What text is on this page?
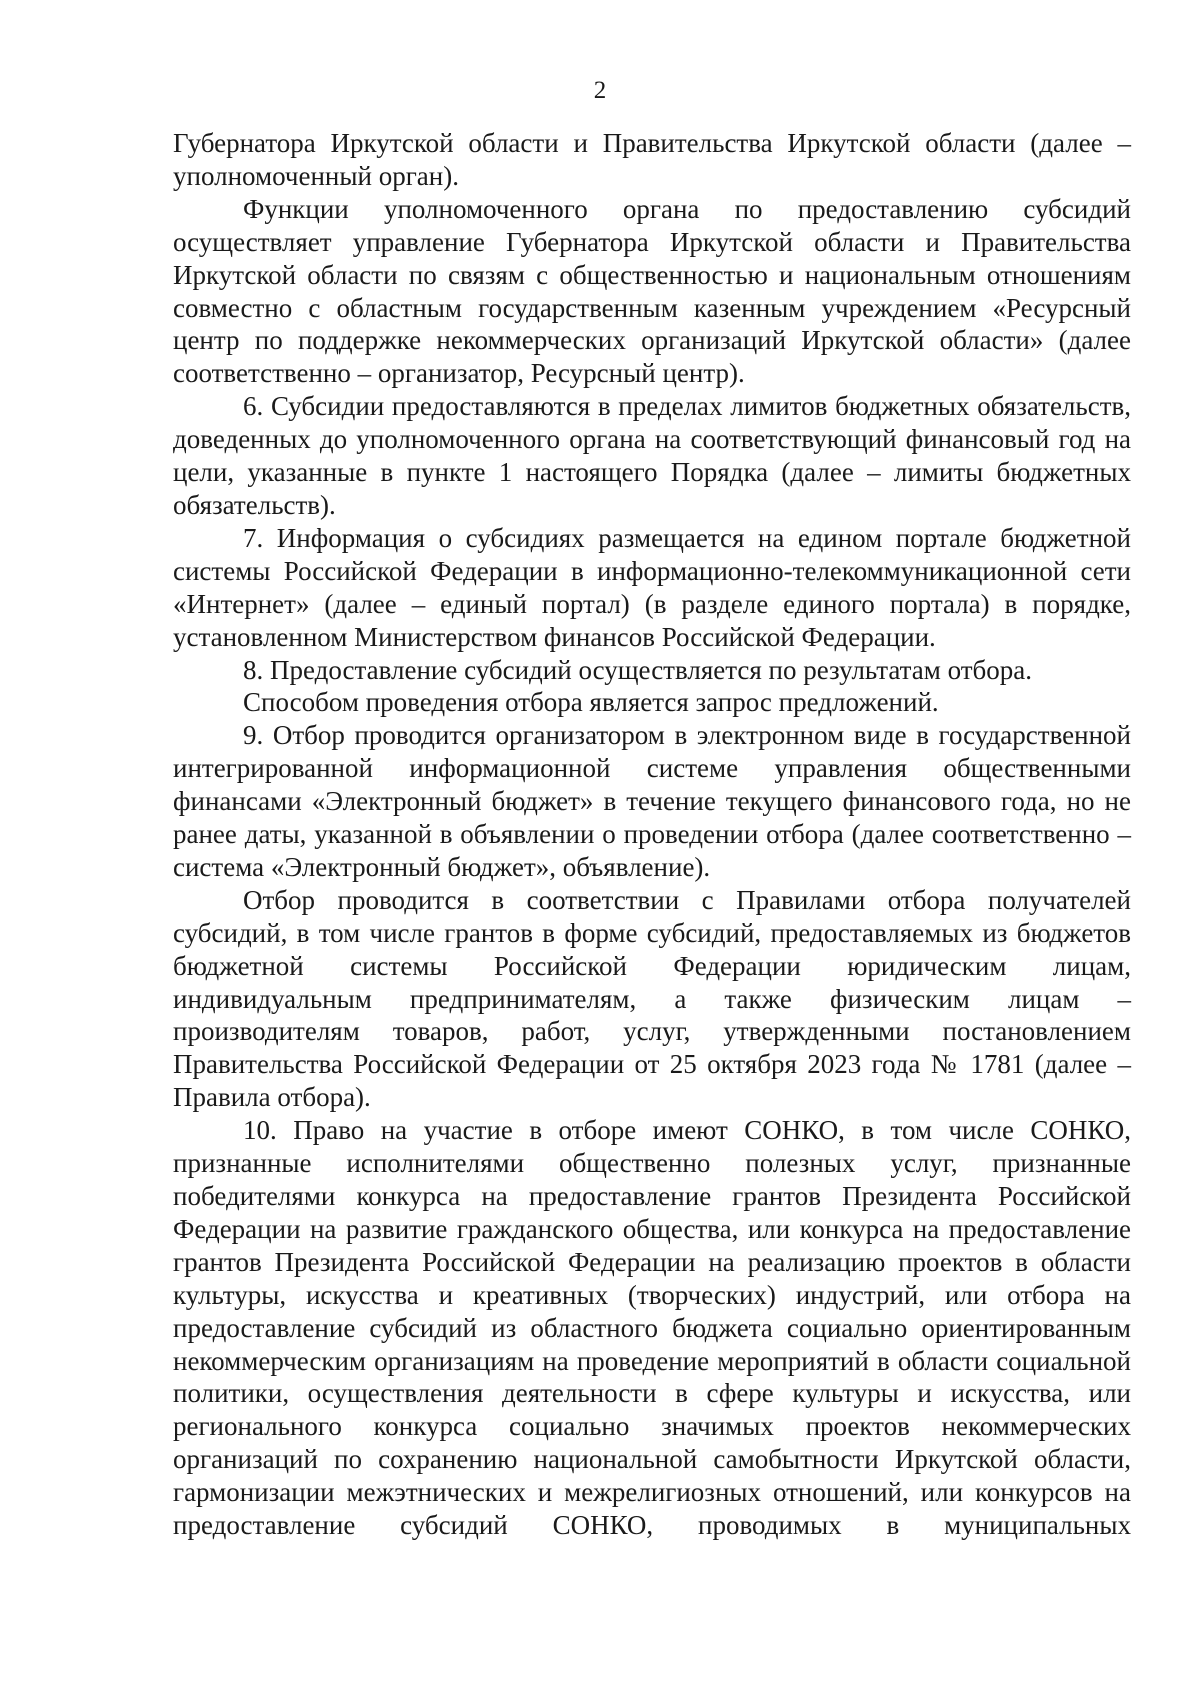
2

Губернатора Иркутской области и Правительства Иркутской области (далее – уполномоченный орган).

Функции уполномоченного органа по предоставлению субсидий осуществляет управление Губернатора Иркутской области и Правительства Иркутской области по связям с общественностью и национальным отношениям совместно с областным государственным казенным учреждением «Ресурсный центр по поддержке некоммерческих организаций Иркутской области» (далее соответственно – организатор, Ресурсный центр).

6. Субсидии предоставляются в пределах лимитов бюджетных обязательств, доведенных до уполномоченного органа на соответствующий финансовый год на цели, указанные в пункте 1 настоящего Порядка (далее – лимиты бюджетных обязательств).

7. Информация о субсидиях размещается на едином портале бюджетной системы Российской Федерации в информационно-телекоммуникационной сети «Интернет» (далее – единый портал) (в разделе единого портала) в порядке, установленном Министерством финансов Российской Федерации.

8. Предоставление субсидий осуществляется по результатам отбора.

Способом проведения отбора является запрос предложений.

9. Отбор проводится организатором в электронном виде в государственной интегрированной информационной системе управления общественными финансами «Электронный бюджет» в течение текущего финансового года, но не ранее даты, указанной в объявлении о проведении отбора (далее соответственно – система «Электронный бюджет», объявление).

Отбор проводится в соответствии с Правилами отбора получателей субсидий, в том числе грантов в форме субсидий, предоставляемых из бюджетов бюджетной системы Российской Федерации юридическим лицам, индивидуальным предпринимателям, а также физическим лицам – производителям товаров, работ, услуг, утвержденными постановлением Правительства Российской Федерации от 25 октября 2023 года № 1781 (далее – Правила отбора).

10. Право на участие в отборе имеют СОНКО, в том числе СОНКО, признанные исполнителями общественно полезных услуг, признанные победителями конкурса на предоставление грантов Президента Российской Федерации на развитие гражданского общества, или конкурса на предоставление грантов Президента Российской Федерации на реализацию проектов в области культуры, искусства и креативных (творческих) индустрий, или отбора на предоставление субсидий из областного бюджета социально ориентированным некоммерческим организациям на проведение мероприятий в области социальной политики, осуществления деятельности в сфере культуры и искусства, или регионального конкурса социально значимых проектов некоммерческих организаций по сохранению национальной самобытности Иркутской области, гармонизации межэтнических и межрелигиозных отношений, или конкурсов на предоставление субсидий СОНКО, проводимых в муниципальных
